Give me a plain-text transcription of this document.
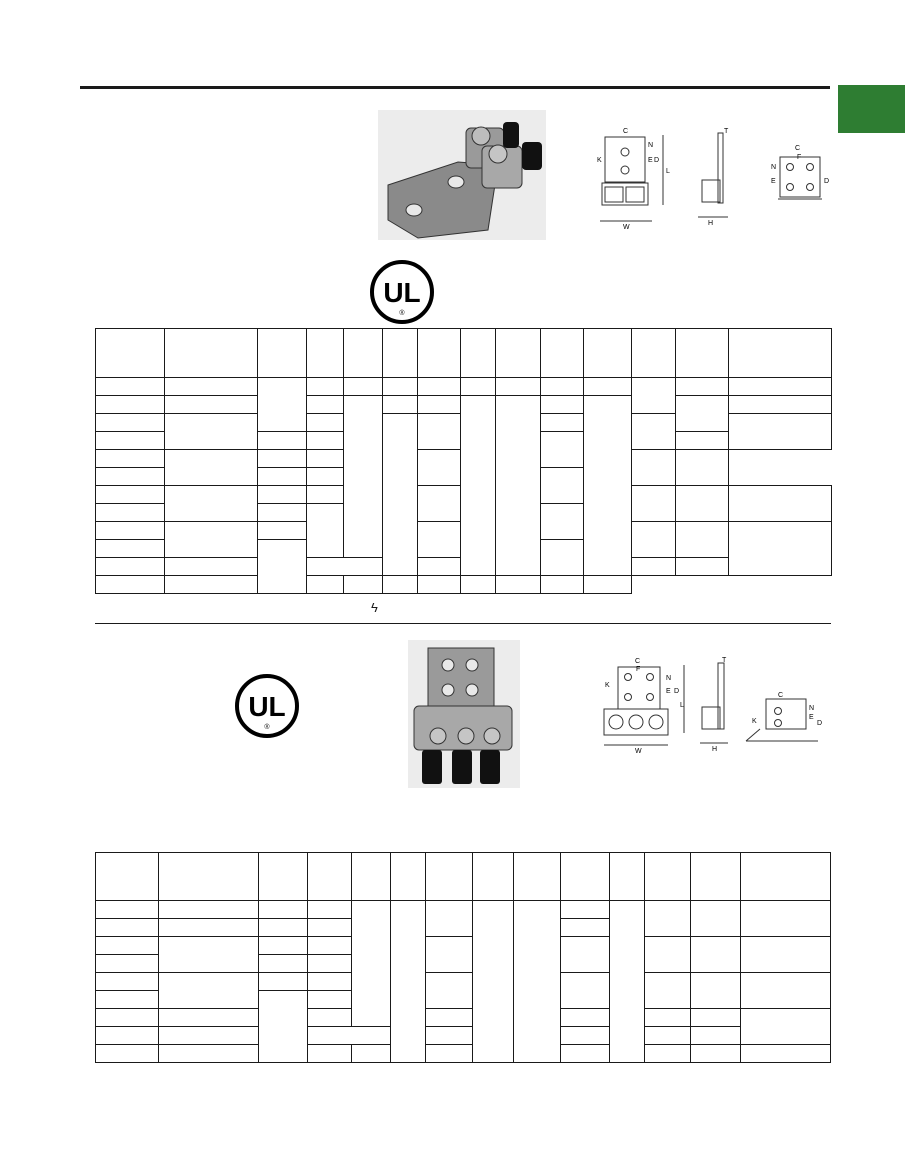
C
N
K	E D
L
W
T
H
C
F
N
E	D
UL
®

ϟ
UL
®
C
F
K
N
E D
L
W
T
H
C
N
K
E
D
